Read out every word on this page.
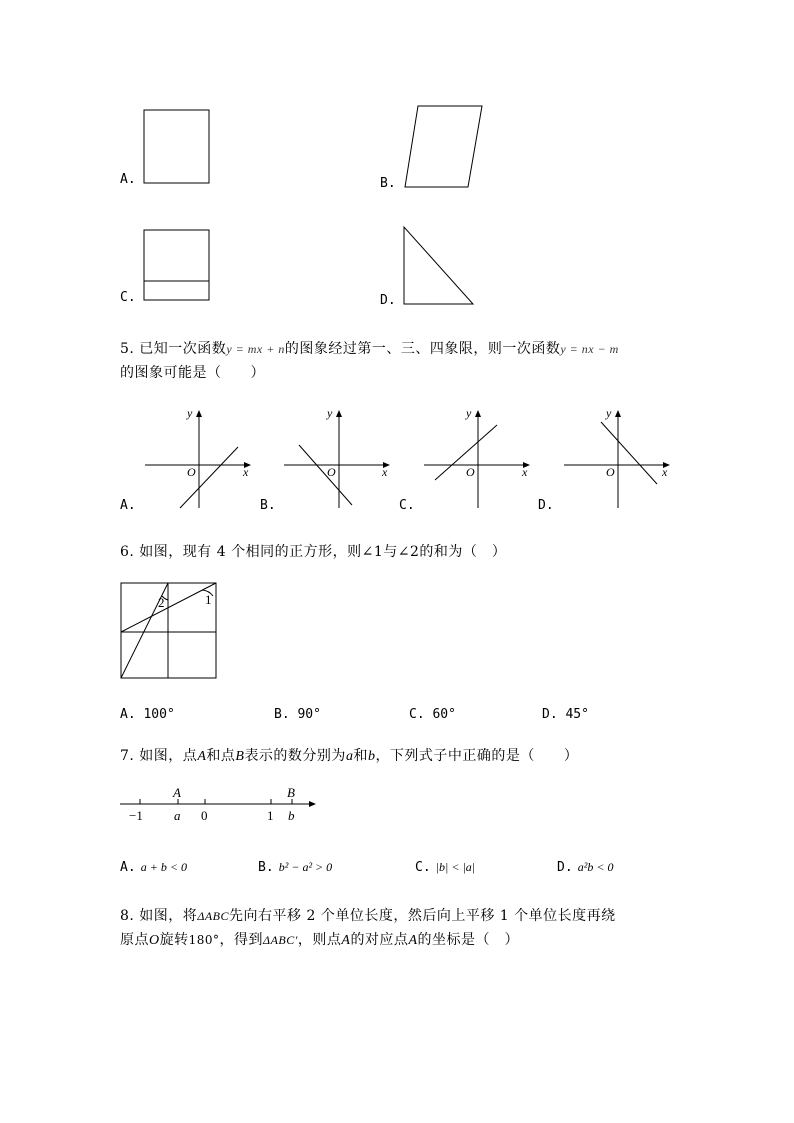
A.	B.
C.	D.
5. 已知一次函数y = mx + n的图象经过第一、三、四象限，则一次函数y = nx − m
的图象可能是（　　）
y
x
O
y
x
O
y
x
O
y
x
O
A.	B.	C.	D.
6. 如图，现有 4 个相同的正方形，则∠1与∠2的和为（　）
2	1
A. 100°	B. 90°	C. 60°	D. 45°
7. 如图，点A和点B表示的数分别为a和b，下列式子中正确的是（　　）
−1 a 0	1 b
A	B
A. a + b < 0	B. b² − a² > 0	C. |b| < |a|	D. a²b < 0
8. 如图，将ΔABC先向右平移 2 个单位长度，然后向上平移 1 个单位长度再绕
原点O旋转180°，得到ΔABC′，则点A的对应点A的坐标是（　）
